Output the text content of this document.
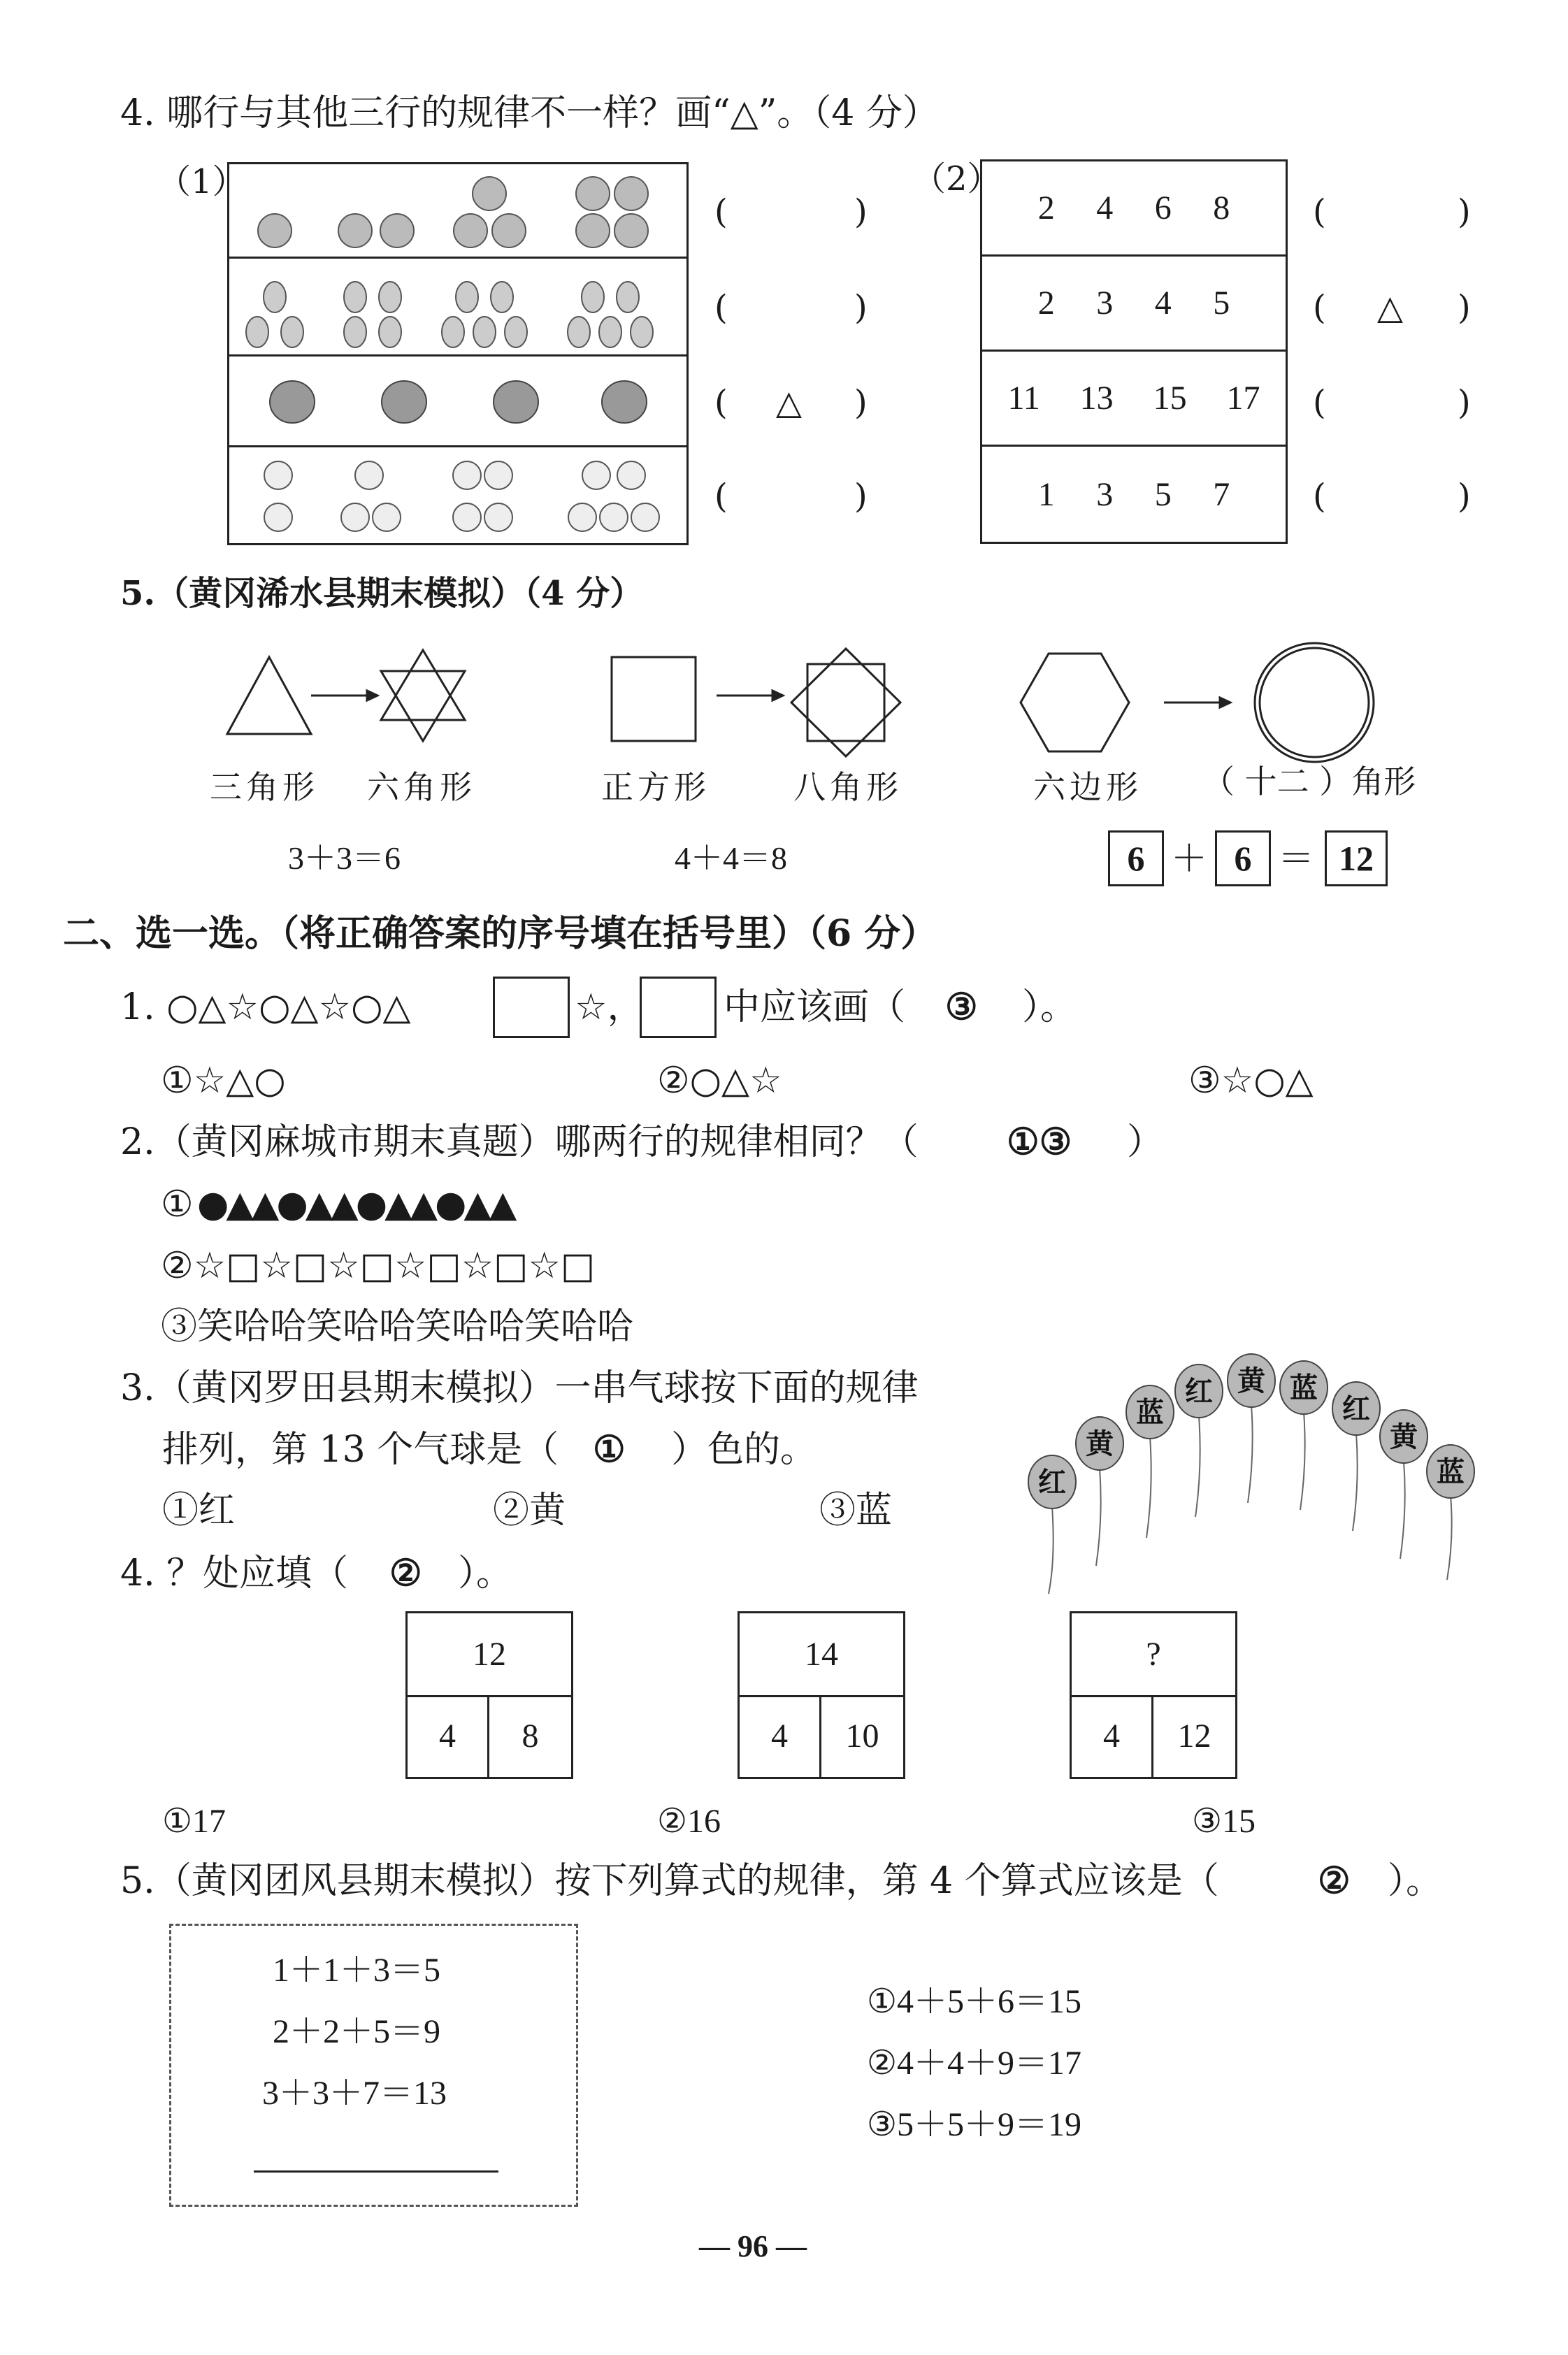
4. 哪行与其他三行的规律不一样？画“△”。（4 分）
（1）
(	)
(	)
(	)
△
(	)
（2）
2 4 6 8
2 3 4 5
11 13 15 17
1 3 5 7
(	)
(	)
△
(	)
(	)
5.（黄冈浠水县期末模拟）（4 分）
三角形 六角形	正方形	八角形	六边形 （ 十二 ）角形
3＋3＝6	4＋4＝8	6 ＋ 6 ＝ 12
二、选一选。（将正确答案的序号填在括号里）（6 分）
1. ○△☆○△☆○△	☆， 中应该画（ ③ ）。
①☆△○	②○△☆	③☆○△
2.（黄冈麻城市期末真题）哪两行的规律相同？（ ①③ ）
① ●▲▲●▲▲●▲▲●▲▲
②☆□☆□☆□☆□☆□☆□
③笑哈哈笑哈哈笑哈哈笑哈哈
3.（黄冈罗田县期末模拟）一串气球按下面的规律
排列，第 13 个气球是（ ① ）色的。
①红	②黄	③蓝
红
黄
蓝
红 黄 蓝
红
黄
蓝
4. ？处应填（ ② ）。
12
4	8
14
4	10
?
4	12
①17	②16	③15
5.（黄冈团风县期末模拟）按下列算式的规律，第 4 个算式应该是（	② ）。
1＋1＋3＝5
2＋2＋5＝9
3＋3＋7＝13
①4＋5＋6＝15
②4＋4＋9＝17
③5＋5＋9＝19
— 96 —
